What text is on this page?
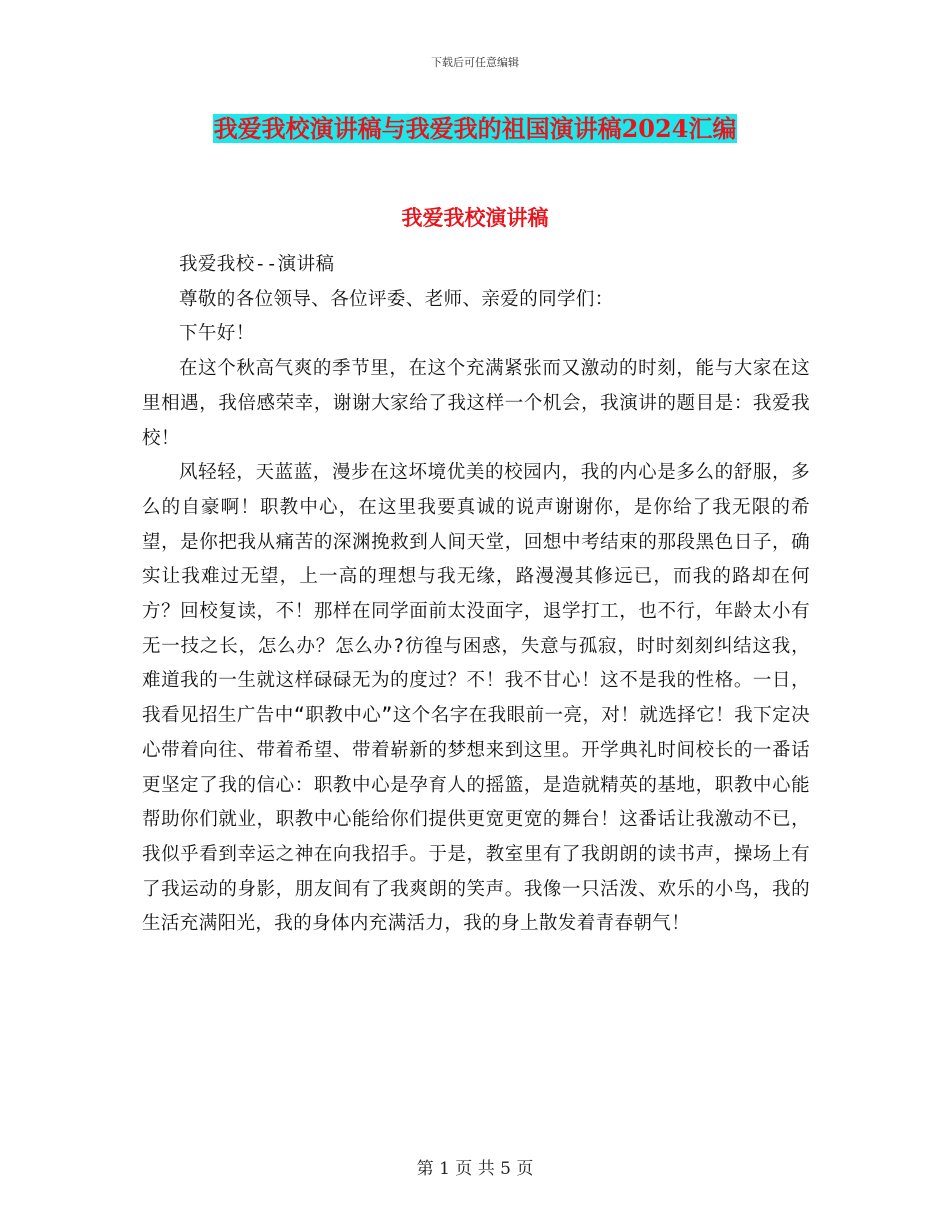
下载后可任意编辑
我爱我校演讲稿与我爱我的祖国演讲稿2024汇编
我爱我校演讲稿

我爱我校--演讲稿

尊敬的各位领导、各位评委、老师、亲爱的同学们：

下午好！

在这个秋高气爽的季节里，在这个充满紧张而又激动的时刻，能与大家在这里相遇，我倍感荣幸，谢谢大家给了我这样一个机会，我演讲的题目是：我爱我校！

风轻轻，天蓝蓝，漫步在这坏境优美的校园内，我的内心是多么的舒服，多么的自豪啊！职教中心，在这里我要真诚的说声谢谢你，是你给了我无限的希望，是你把我从痛苦的深渊挽救到人间天堂，回想中考结束的那段黑色日子，确实让我难过无望，上一高的理想与我无缘，路漫漫其修远已，而我的路却在何方？回校复读，不！那样在同学面前太没面字，退学打工，也不行，年龄太小有无一技之长，怎么办？怎么办?彷徨与困惑，失意与孤寂，时时刻刻纠结这我，难道我的一生就这样碌碌无为的度过？不！我不甘心！这不是我的性格。一日，我看见招生广告中“职教中心”这个名字在我眼前一亮，对！就选择它！我下定决心带着向往、带着希望、带着崭新的梦想来到这里。开学典礼时间校长的一番话更坚定了我的信心：职教中心是孕育人的摇篮，是造就精英的基地，职教中心能帮助你们就业，职教中心能给你们提供更宽更宽的舞台！这番话让我激动不已，我似乎看到幸运之神在向我招手。于是，教室里有了我朗朗的读书声，操场上有了我运动的身影，朋友间有了我爽朗的笑声。我像一只活泼、欢乐的小鸟，我的生活充满阳光，我的身体内充满活力，我的身上散发着青春朝气！

第 1 页 共 5 页
